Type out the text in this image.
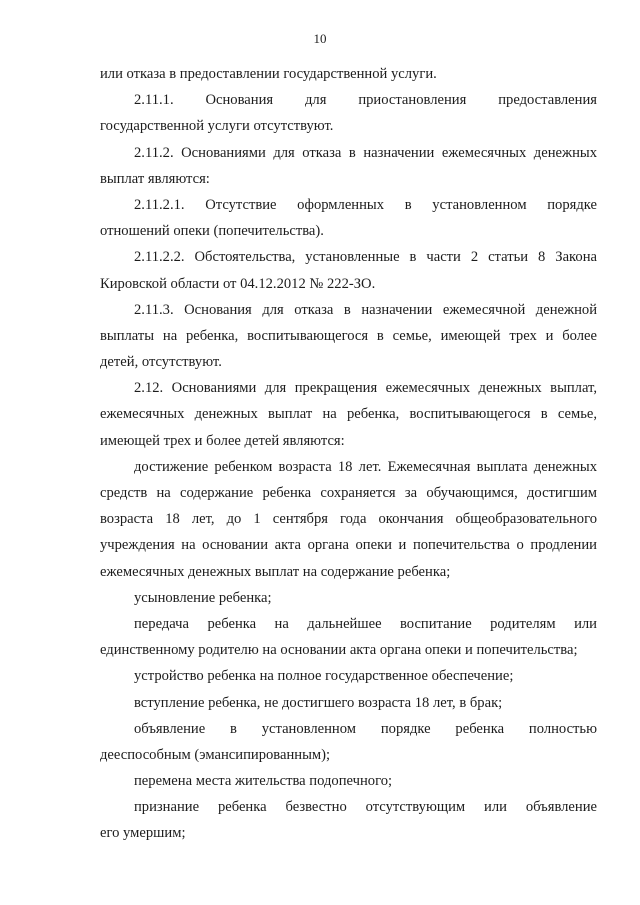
10
или отказа в предоставлении государственной услуги.
2.11.1. Основания для приостановления предоставления
государственной услуги отсутствуют.
2.11.2. Основаниями для отказа в назначении ежемесячных денежных
выплат являются:
2.11.2.1. Отсутствие оформленных в установленном порядке
отношений опеки (попечительства).
2.11.2.2. Обстоятельства, установленные в части 2 статьи 8 Закона
Кировской области от 04.12.2012 № 222-ЗО.
2.11.3. Основания для отказа в назначении ежемесячной денежной
выплаты на ребенка, воспитывающегося в семье, имеющей трех и более
детей, отсутствуют.
2.12. Основаниями для прекращения ежемесячных денежных выплат,
ежемесячных денежных выплат на ребенка, воспитывающегося в семье,
имеющей трех и более детей являются:
достижение ребенком возраста 18 лет. Ежемесячная выплата денежных
средств на содержание ребенка сохраняется за обучающимся, достигшим
возраста 18 лет, до 1 сентября года окончания общеобразовательного
учреждения на основании акта органа опеки и попечительства о продлении
ежемесячных денежных выплат на содержание ребенка;
усыновление ребенка;
передача ребенка на дальнейшее воспитание родителям или
единственному родителю на основании акта органа опеки и попечительства;
устройство ребенка на полное государственное обеспечение;
вступление ребенка, не достигшего возраста 18 лет, в брак;
объявление в установленном порядке ребенка полностью
дееспособным (эмансипированным);
перемена места жительства подопечного;
признание ребенка безвестно отсутствующим или объявление
его умершим;
